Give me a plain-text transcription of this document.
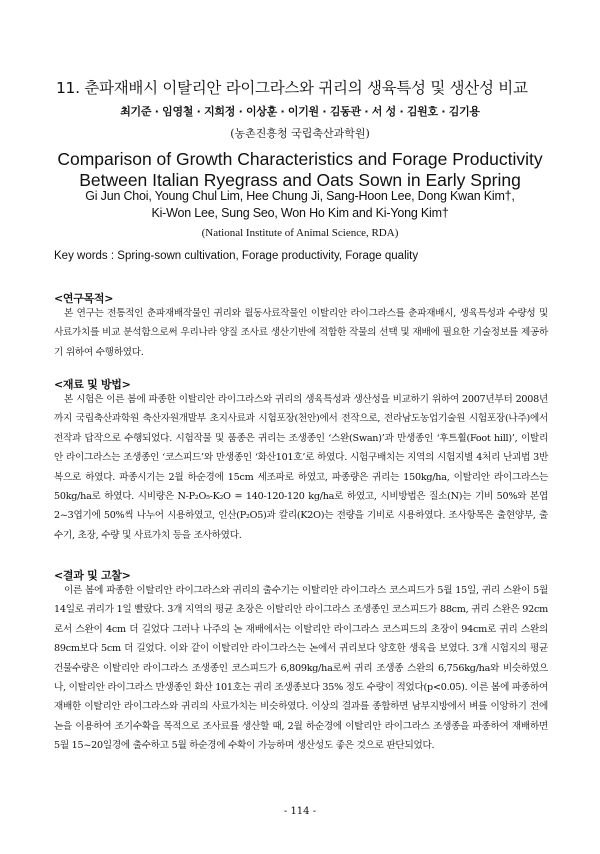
11. 춘파재배시 이탈리안 라이그라스와 귀리의 생육특성 및 생산성 비교
최기준 · 임영철 · 지희정 · 이상훈 · 이기원 · 김동관 · 서 성 · 김원호 · 김기용
(농촌진흥청 국립축산과학원)
Comparison of Growth Characteristics and Forage Productivity
Between Italian Ryegrass and Oats Sown in Early Spring
Gi Jun Choi, Young Chul Lim, Hee Chung Ji, Sang-Hoon Lee, Dong Kwan Kim†,
Ki-Won Lee, Sung Seo, Won Ho Kim and Ki-Yong Kim†
(National Institute of Animal Science, RDA)
Key words : Spring-sown cultivation, Forage productivity, Forage quality
<연구목적>

본 연구는 전통적인 춘파재배작물인 귀리와 월동사료작물인 이탈리안 라이그라스를 춘파재배시, 생육특성과 수량성 및 사료가치를 비교 분석함으로써 우리나라 양질 조사료 생산기반에 적합한 작물의 선택 및 재배에 필요한 기술정보를 제공하기 위하여 수행하였다.

<재료 및 방법>

본 시험은 이른 봄에 파종한 이탈리안 라이그라스와 귀리의 생육특성과 생산성을 비교하기 위하여 2007년부터 2008년까지 국립축산과학원 축산자원개발부 초지사료과 시험포장(천안)에서 전작으로, 전라남도농업기술원 시험포장(나주)에서 전작과 답작으로 수행되었다. 시험작물 및 품종은 귀리는 조생종인 ‘스완(Swan)’과 만생종인 ‘후트휠(Foot hill)’, 이탈리안 라이그라스는 조생종인 ‘코스피드’와 만생종인 ‘화산101호’로 하였다. 시험구배치는 지역의 시험지별 4처리 난괴법 3반복으로 하였다. 파종시기는 2월 하순경에 15cm 세조파로 하였고, 파종량은 귀리는 150kg/ha, 이탈리안 라이그라스는 50kg/ha로 하였다. 시비량은 N-P₂O₅-K₂O = 140-120-120 kg/ha로 하였고, 시비방법은 질소(N)는 기비 50%와 본엽 2~3엽기에 50%씩 나누어 시용하였고, 인산(P₂O5)과 칼리(K2O)는 전량을 기비로 시용하였다. 조사항목은 출현양부, 출수기, 초장, 수량 및 사료가치 등을 조사하였다.

<결과 및 고찰>

이른 봄에 파종한 이탈리안 라이그라스와 귀리의 출수기는 이탈리안 라이그라스 코스피드가 5월 15일, 귀리 스완이 5월 14일로 귀리가 1일 빨랐다. 3개 지역의 평균 초장은 이탈리안 라이그라스 조생종인 코스피드가 88cm, 귀리 스완은 92cm로서 스완이 4cm 더 길었다 그러나 나주의 논 재배에서는 이탈리안 라이그라스 코스피드의 초장이 94cm로 귀리 스완의 89cm보다 5cm 더 길었다. 이와 같이 이탈리안 라이그라스는 논에서 귀리보다 양호한 생육을 보였다. 3개 시험지의 평균 건물수량은 이탈리안 라이그라스 조생종인 코스피드가 6,809kg/ha로써 귀리 조생종 스완의 6,756kg/ha와 비슷하였으나, 이탈리안 라이그라스 만생종인 화산 101호는 귀리 조생종보다 35% 정도 수량이 적었다(p<0.05). 이른 봄에 파종하여 재배한 이탈리안 라이그라스와 귀리의 사료가치는 비슷하였다. 이상의 결과를 종합하면 남부지방에서 벼를 이앙하기 전에 논을 이용하여 조기수확을 목적으로 조사료를 생산할 때, 2월 하순경에 이탈리안 라이그라스 조생종을 파종하여 재배하면 5월 15~20일경에 출수하고 5월 하순경에 수확이 가능하며 생산성도 좋은 것으로 판단되었다.

- 114 -
